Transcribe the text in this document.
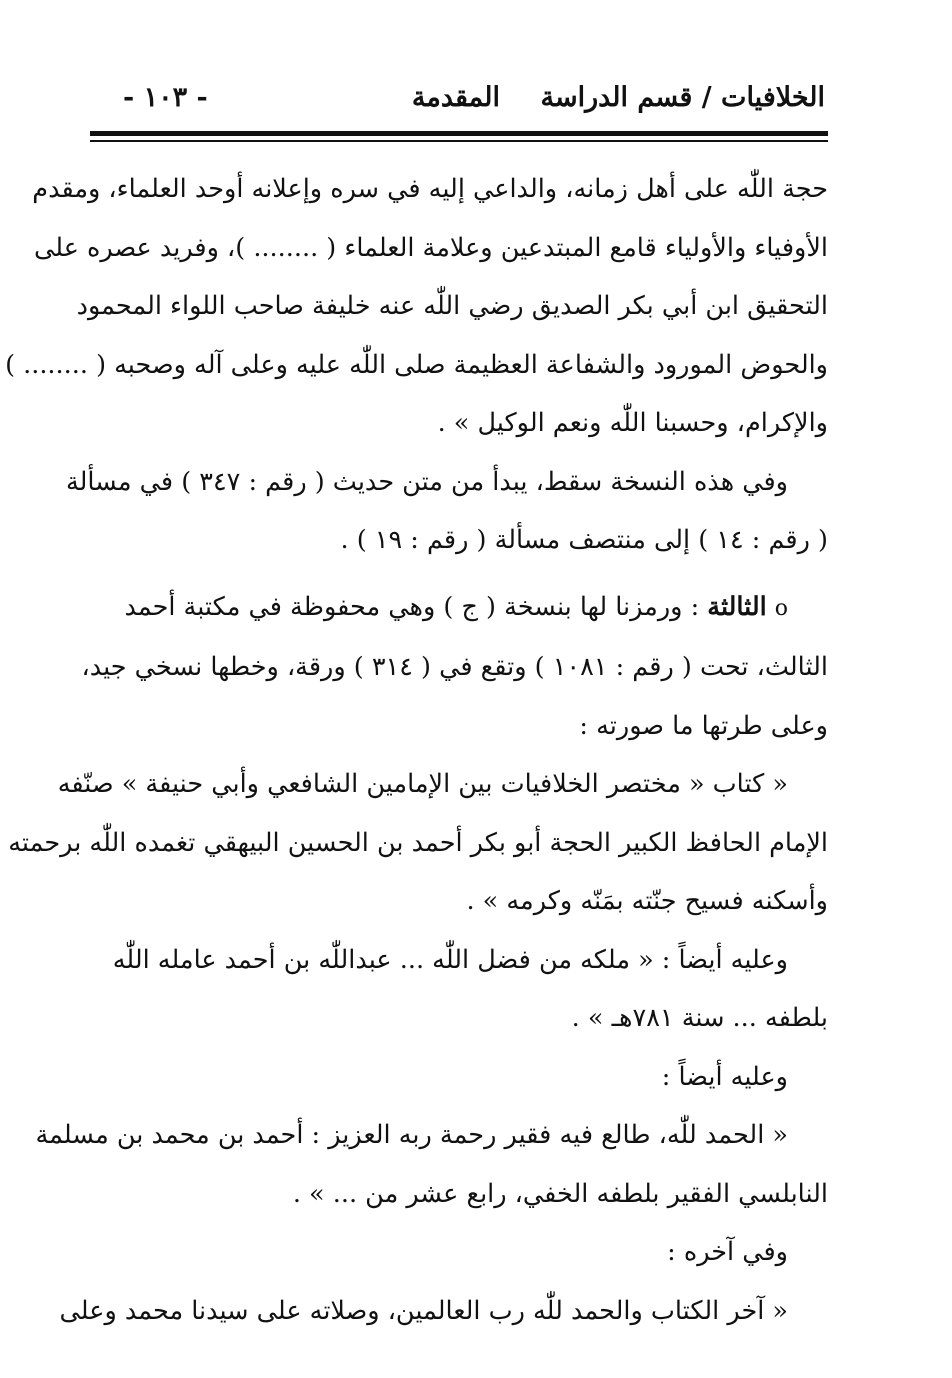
الخلافيات / قسم الدراسة
المقدمة
- ١٠٣ -

حجة اللّٰه على أهل زمانه، والداعي إليه في سره وإعلانه أوحد العلماء، ومقدم
الأوفياء والأولياء قامع المبتدعين وعلامة العلماء ( ........ )، وفريد عصره على
التحقيق ابن أبي بكر الصديق رضي اللّٰه عنه خليفة صاحب اللواء المحمود
والحوض المورود والشفاعة العظيمة صلى اللّٰه عليه وعلى آله وصحبه ( ........ )
والإكرام، وحسبنا اللّٰه ونعم الوكيل » .

وفي هذه النسخة سقط، يبدأ من متن حديث ( رقم : ٣٤٧ ) في مسألة
( رقم : ١٤ ) إلى منتصف مسألة ( رقم : ١٩ ) .

oالثالثة : ورمزنا لها بنسخة ( ج ) وهي محفوظة في مكتبة أحمد
الثالث، تحت ( رقم : ١٠٨١ ) وتقع في ( ٣١٤ ) ورقة، وخطها نسخي جيد،
وعلى طرتها ما صورته :

« كتاب « مختصر الخلافيات بين الإمامين الشافعي وأبي حنيفة » صنّفه
الإمام الحافظ الكبير الحجة أبو بكر أحمد بن الحسين البيهقي تغمده اللّٰه برحمته
وأسكنه فسيح جنّته بمَنّه وكرمه » .

وعليه أيضاً : « ملكه من فضل اللّٰه ... عبداللّٰه بن أحمد عامله اللّٰه
بلطفه ... سنة ٧٨١هـ » .

وعليه أيضاً :

« الحمد للّٰه، طالع فيه فقير رحمة ربه العزيز : أحمد بن محمد بن مسلمة
النابلسي الفقير بلطفه الخفي، رابع عشر من ... » .

وفي آخره :

« آخر الكتاب والحمد للّٰه رب العالمين، وصلاته على سيدنا محمد وعلى
